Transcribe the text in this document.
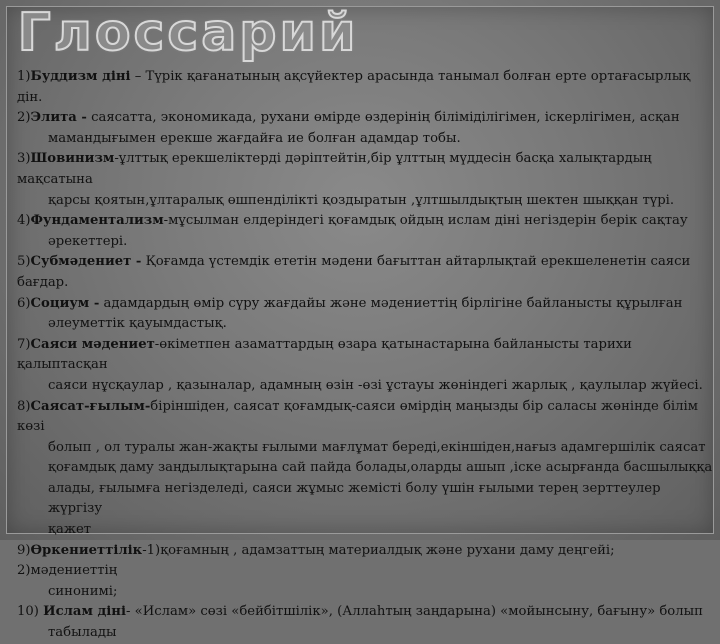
Глоссарий
1)Буддизм діні – Түрік қағанатының ақсүйектер арасында танымал болған ерте ортағасырлық дін.
2)Элита - саясатта, экономикада, рухани өмірде өздерінің біліміділігімен, іскерлігімен, асқан
мамандығымен ерекше жағдайға ие болған адамдар тобы.
3)Шовинизм-ұлттық ерекшеліктерді дәріптейтін,бір ұлттың мүддесін басқа халықтардың мақсатына
қарсы қоятын,ұлтаралық өшпенділікті қоздыратын ,ұлтшылдықтың шектен шыққан түрі.
4)Фундаментализм-мұсылман елдеріндегі қоғамдық ойдың ислам діні негіздерін берік сақтау
әрекеттері.
5)Субмәдениет - Қоғамда үстемдік ететін мәдени бағыттан айтарлықтай ерекшеленетін саяси бағдар.
6)Социум - адамдардың өмір сүру жағдайы және мәдениеттің бірлігіне байланысты құрылған
әлеуметтік қауымдастық.
7)Саяси мәдениет-өкіметпен азаматтардың өзара қатынастарына байланысты тарихи қалыптасқан
саяси нұсқаулар , қазыналар, адамның өзін -өзі ұстауы жөніндегі жарлық , қаулылар жүйесі.
8)Саясат-ғылым-біріншіден, саясат қоғамдық-саяси өмірдің маңызды бір саласы жөнінде білім көзі
болып , ол туралы жан-жақты ғылыми мағлұмат береді,екіншіден,нағыз адамгершілік саясат
қоғамдық даму заңдылықтарына сай пайда болады,оларды ашып ,іске асырғанда басшылыққа
алады, ғылымға негізделеді, саяси жұмыс жемісті болу үшін ғылыми терең зерттеулер жүргізу
қажет
9)Өркениеттілік-1)қоғамның , адамзаттың материалдық және рухани даму деңгейі; 2)мәдениеттің
синонимі;
10) Ислам діні- «Ислам» сөзі «бейбітшілік», (Аллаһтың заңдарына) «мойынсыну, бағыну» болып
табылады
